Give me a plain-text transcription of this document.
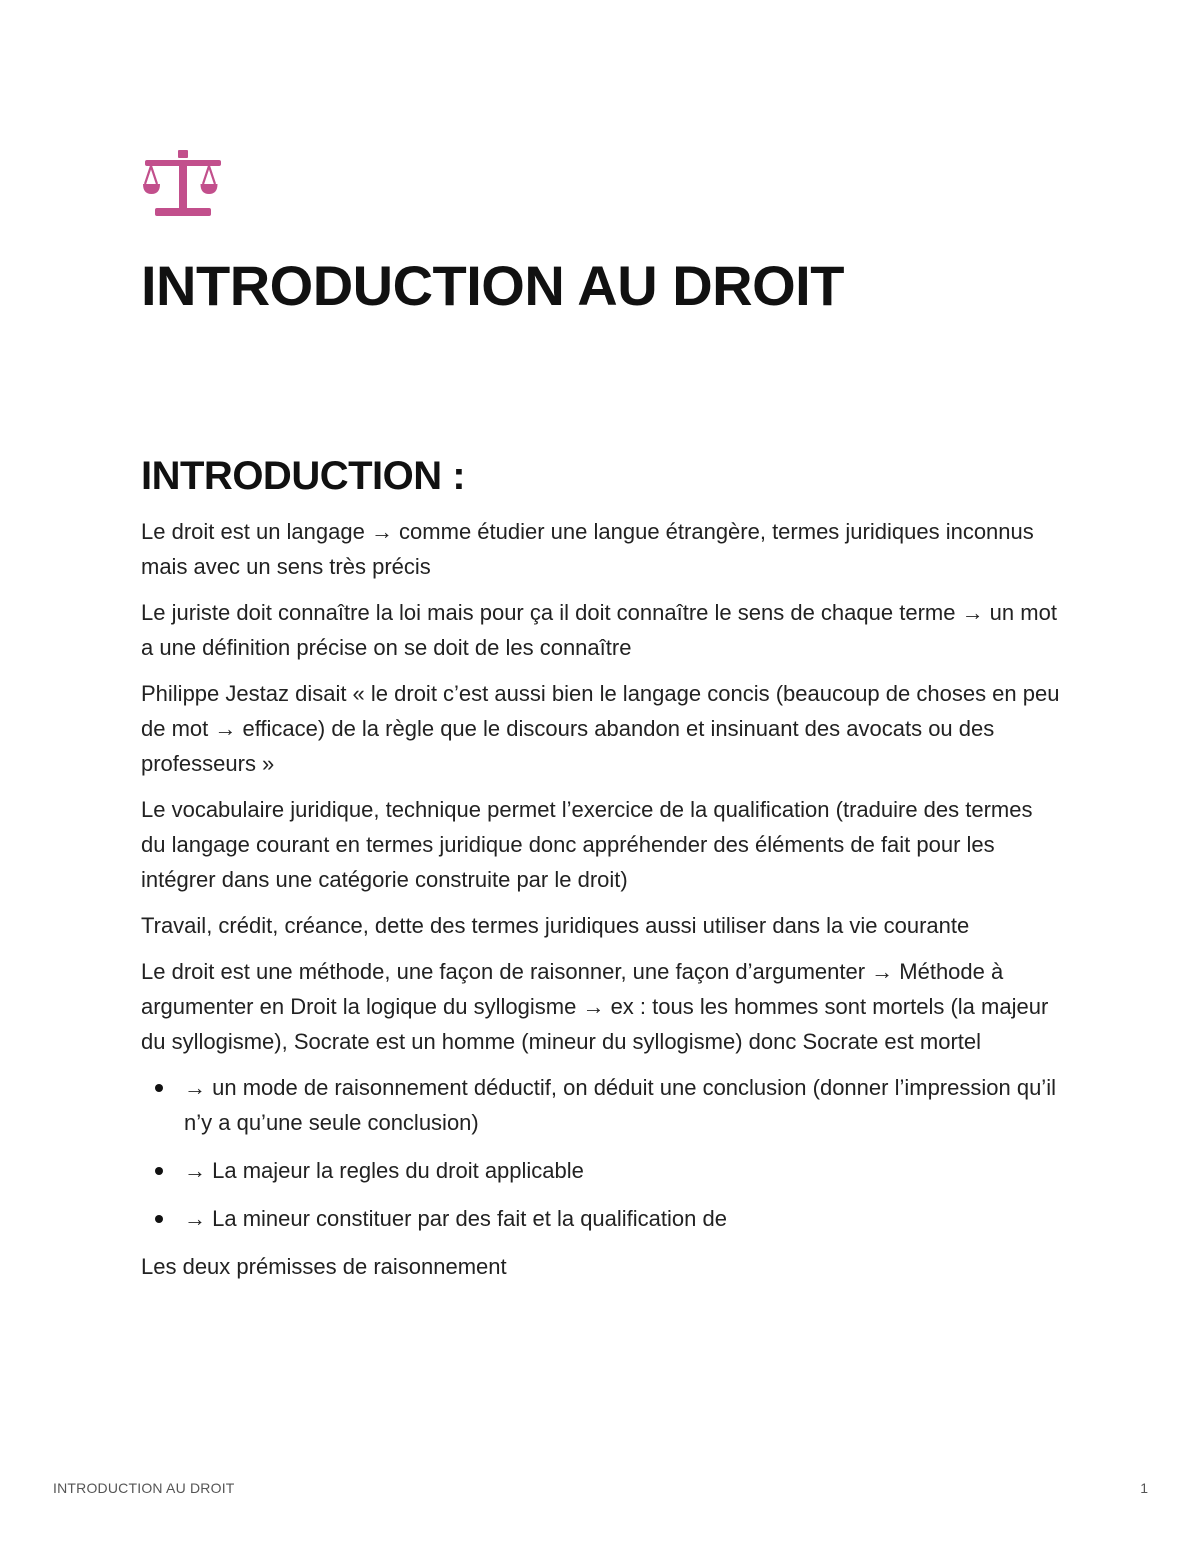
INTRODUCTION AU DROIT
INTRODUCTION :

Le droit est un langage → comme étudier une langue étrangère, termes juridiques inconnus mais avec un sens très précis

Le juriste doit connaître la loi mais pour ça il doit connaître le sens de chaque terme → un mot a une définition précise on se doit de les connaître

Philippe Jestaz disait « le droit c’est aussi bien le langage concis (beaucoup de choses en peu de mot → efficace) de la règle que le discours abandon et insinuant des avocats ou des professeurs »

Le vocabulaire juridique, technique permet l’exercice de la qualification (traduire des termes du langage courant en termes juridique donc appréhender des éléments de fait pour les intégrer dans une catégorie construite par le droit)

Travail, crédit, créance, dette des termes juridiques aussi utiliser dans la vie courante

Le droit est une méthode, une façon de raisonner, une façon d’argumenter → Méthode à argumenter en Droit la logique du syllogisme → ex : tous les hommes sont mortels (la majeur du syllogisme), Socrate est un homme (mineur du syllogisme) donc Socrate est mortel

→ un mode de raisonnement déductif, on déduit une conclusion (donner l’impression qu’il n’y a qu’une seule conclusion)
→ La majeur la regles du droit applicable
→ La mineur constituer par des fait et la qualification de

Les deux prémisses de raisonnement

INTRODUCTION AU DROIT	1
